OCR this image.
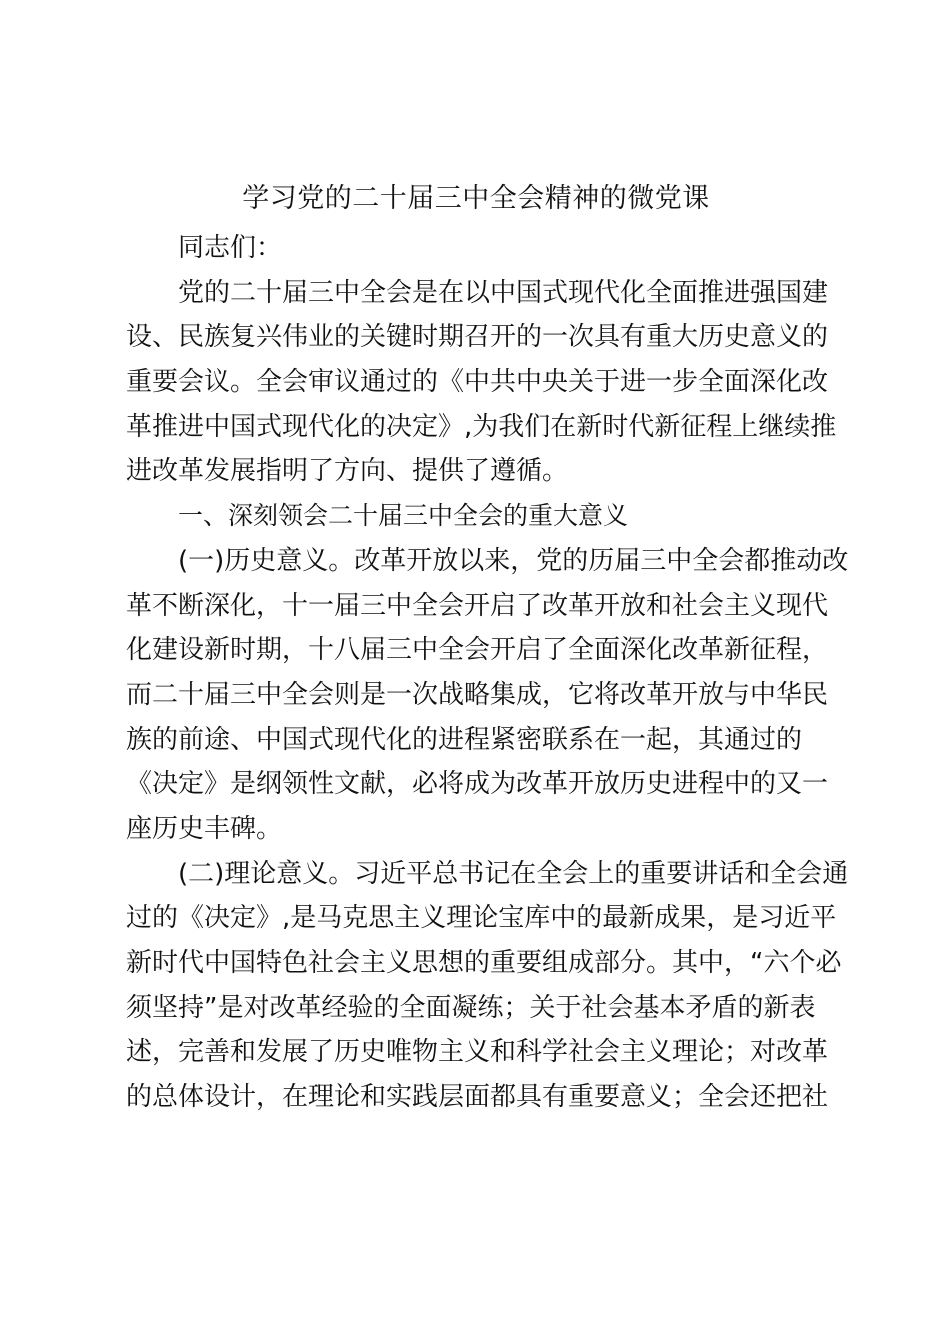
学习党的二十届三中全会精神的微党课
同志们：
党的二十届三中全会是在以中国式现代化全面推进强国建
设、民族复兴伟业的关键时期召开的一次具有重大历史意义的
重要会议。全会审议通过的《中共中央关于进一步全面深化改
革推进中国式现代化的决定》,为我们在新时代新征程上继续推
进改革发展指明了方向、提供了遵循。
一、深刻领会二十届三中全会的重大意义
(一)历史意义。改革开放以来，党的历届三中全会都推动改
革不断深化，十一届三中全会开启了改革开放和社会主义现代
化建设新时期，十八届三中全会开启了全面深化改革新征程，
而二十届三中全会则是一次战略集成，它将改革开放与中华民
族的前途、中国式现代化的进程紧密联系在一起，其通过的
《决定》是纲领性文献，必将成为改革开放历史进程中的又一
座历史丰碑。
(二)理论意义。习近平总书记在全会上的重要讲话和全会通
过的《决定》,是马克思主义理论宝库中的最新成果，是习近平
新时代中国特色社会主义思想的重要组成部分。其中，“六个必
须坚持”是对改革经验的全面凝练；关于社会基本矛盾的新表
述，完善和发展了历史唯物主义和科学社会主义理论；对改革
的总体设计，在理论和实践层面都具有重要意义；全会还把社
